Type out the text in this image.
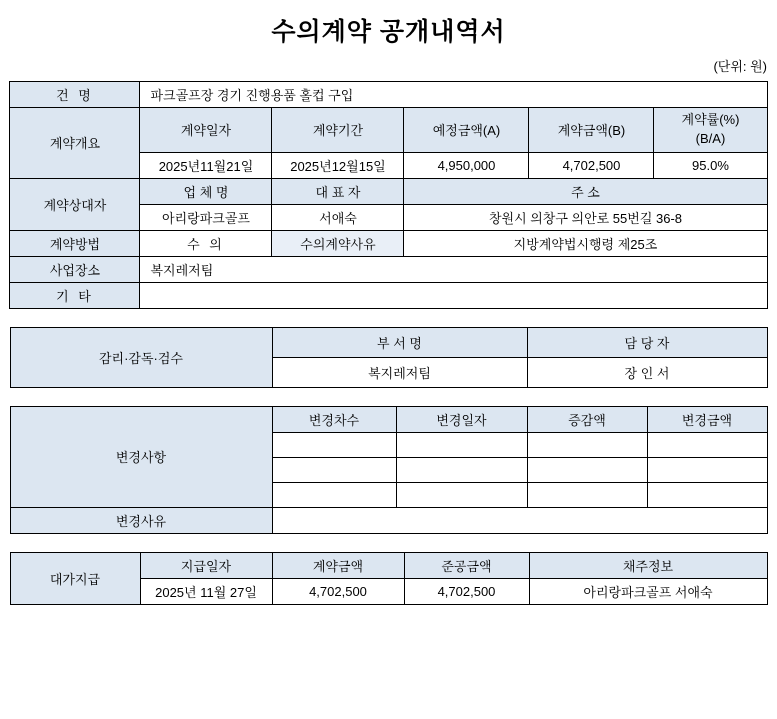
수의계약 공개내역서
(단위: 원)
건 명	파크골프장 경기 진행용품 홀컵 구입				
계약개요	계약일자	계약기간	예정금액(A)	계약금액(B)	계약률(%)
(B/A)

	2025년11월21일	2025년12월15일	4,950,000	4,702,500	95.0%
계약상대자	업 체 명	대 표 자	주 소		
	아리랑파크골프	서애숙	창원시 의창구 의안로 55번길 36-8		
계약방법	수 의	수의계약사유	지방계약법시행령 제25조		
사업장소	복지레저팀				
기 타					
감리·감독·검수	부 서 명	담 당 자
	복지레저팀	장 인 서
변경사항	변경차수	변경일자	증감액	변경금액

변경사유				
대가지급	지급일자	계약금액	준공금액	채주정보
	2025년 11월 27일	4,702,500	4,702,500	아리랑파크골프 서애숙
